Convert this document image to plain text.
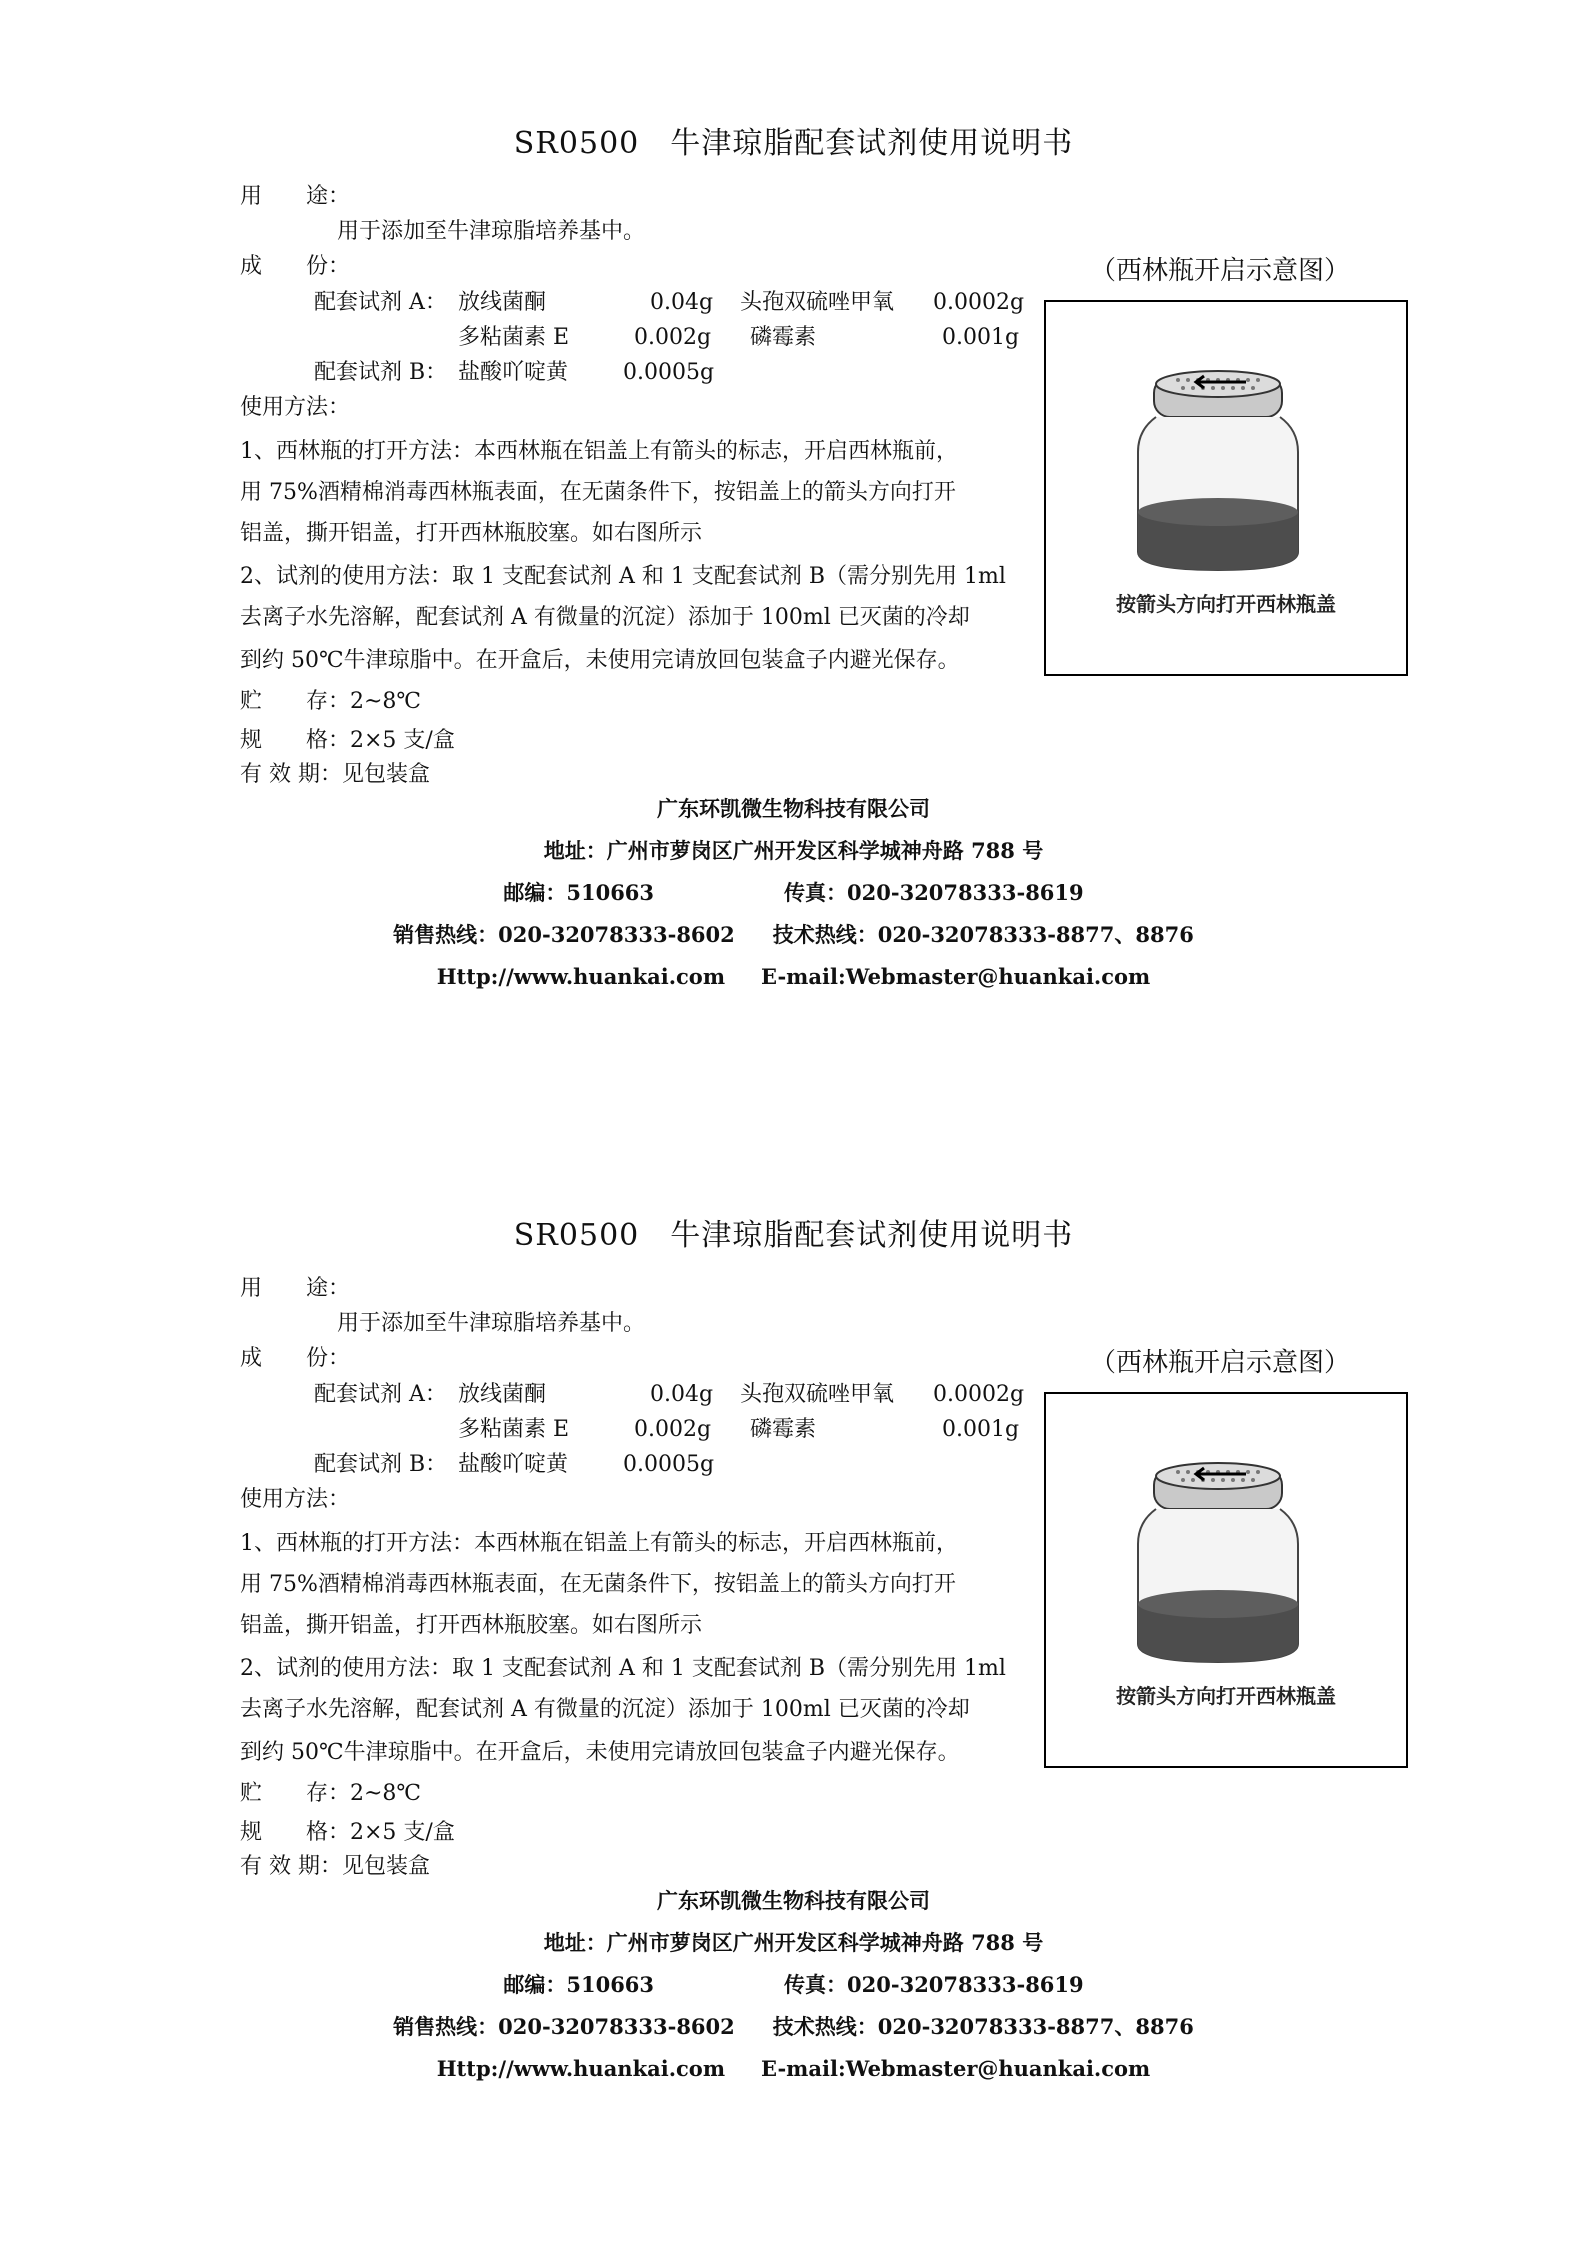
SR0500　牛津琼脂配套试剂使用说明书
用　　途：
用于添加至牛津琼脂培养基中。
成　　份：
配套试剂 A： 放线菌酮	0.04g 头孢双硫唑甲氧 0.0002g
多粘菌素 E	0.002g 磷霉素	0.001g
配套试剂 B： 盐酸吖啶黄 0.0005g
使用方法：
1、西林瓶的打开方法：本西林瓶在铝盖上有箭头的标志，开启西林瓶前，
用 75%酒精棉消毒西林瓶表面，在无菌条件下，按铝盖上的箭头方向打开
铝盖，撕开铝盖，打开西林瓶胶塞。如右图所示
2、试剂的使用方法：取 1 支配套试剂 A 和 1 支配套试剂 B（需分别先用 1ml
去离子水先溶解，配套试剂 A 有微量的沉淀）添加于 100ml 已灭菌的冷却
到约 50℃牛津琼脂中。在开盒后，未使用完请放回包装盒子内避光保存。
贮　　存：2~8℃
规　　格：2×5 支/盒
有 效 期：见包装盒
（西林瓶开启示意图）
按箭头方向打开西林瓶盖
广东环凯微生物科技有限公司
地址：广州市萝岗区广州开发区科学城神舟路 788 号
邮编：510663	传真：020-32078333-8619
销售热线：020-32078333-8602 技术热线：020-32078333-8877、8876
Http://www.huankai.com E-mail:Webmaster@huankai.com
SR0500　牛津琼脂配套试剂使用说明书
用　　途：
用于添加至牛津琼脂培养基中。
成　　份：
配套试剂 A： 放线菌酮	0.04g 头孢双硫唑甲氧 0.0002g
多粘菌素 E	0.002g 磷霉素	0.001g
配套试剂 B： 盐酸吖啶黄 0.0005g
使用方法：
1、西林瓶的打开方法：本西林瓶在铝盖上有箭头的标志，开启西林瓶前，
用 75%酒精棉消毒西林瓶表面，在无菌条件下，按铝盖上的箭头方向打开
铝盖，撕开铝盖，打开西林瓶胶塞。如右图所示
2、试剂的使用方法：取 1 支配套试剂 A 和 1 支配套试剂 B（需分别先用 1ml
去离子水先溶解，配套试剂 A 有微量的沉淀）添加于 100ml 已灭菌的冷却
到约 50℃牛津琼脂中。在开盒后，未使用完请放回包装盒子内避光保存。
贮　　存：2~8℃
规　　格：2×5 支/盒
有 效 期：见包装盒
（西林瓶开启示意图）
按箭头方向打开西林瓶盖
广东环凯微生物科技有限公司
地址：广州市萝岗区广州开发区科学城神舟路 788 号
邮编：510663	传真：020-32078333-8619
销售热线：020-32078333-8602 技术热线：020-32078333-8877、8876
Http://www.huankai.com E-mail:Webmaster@huankai.com
